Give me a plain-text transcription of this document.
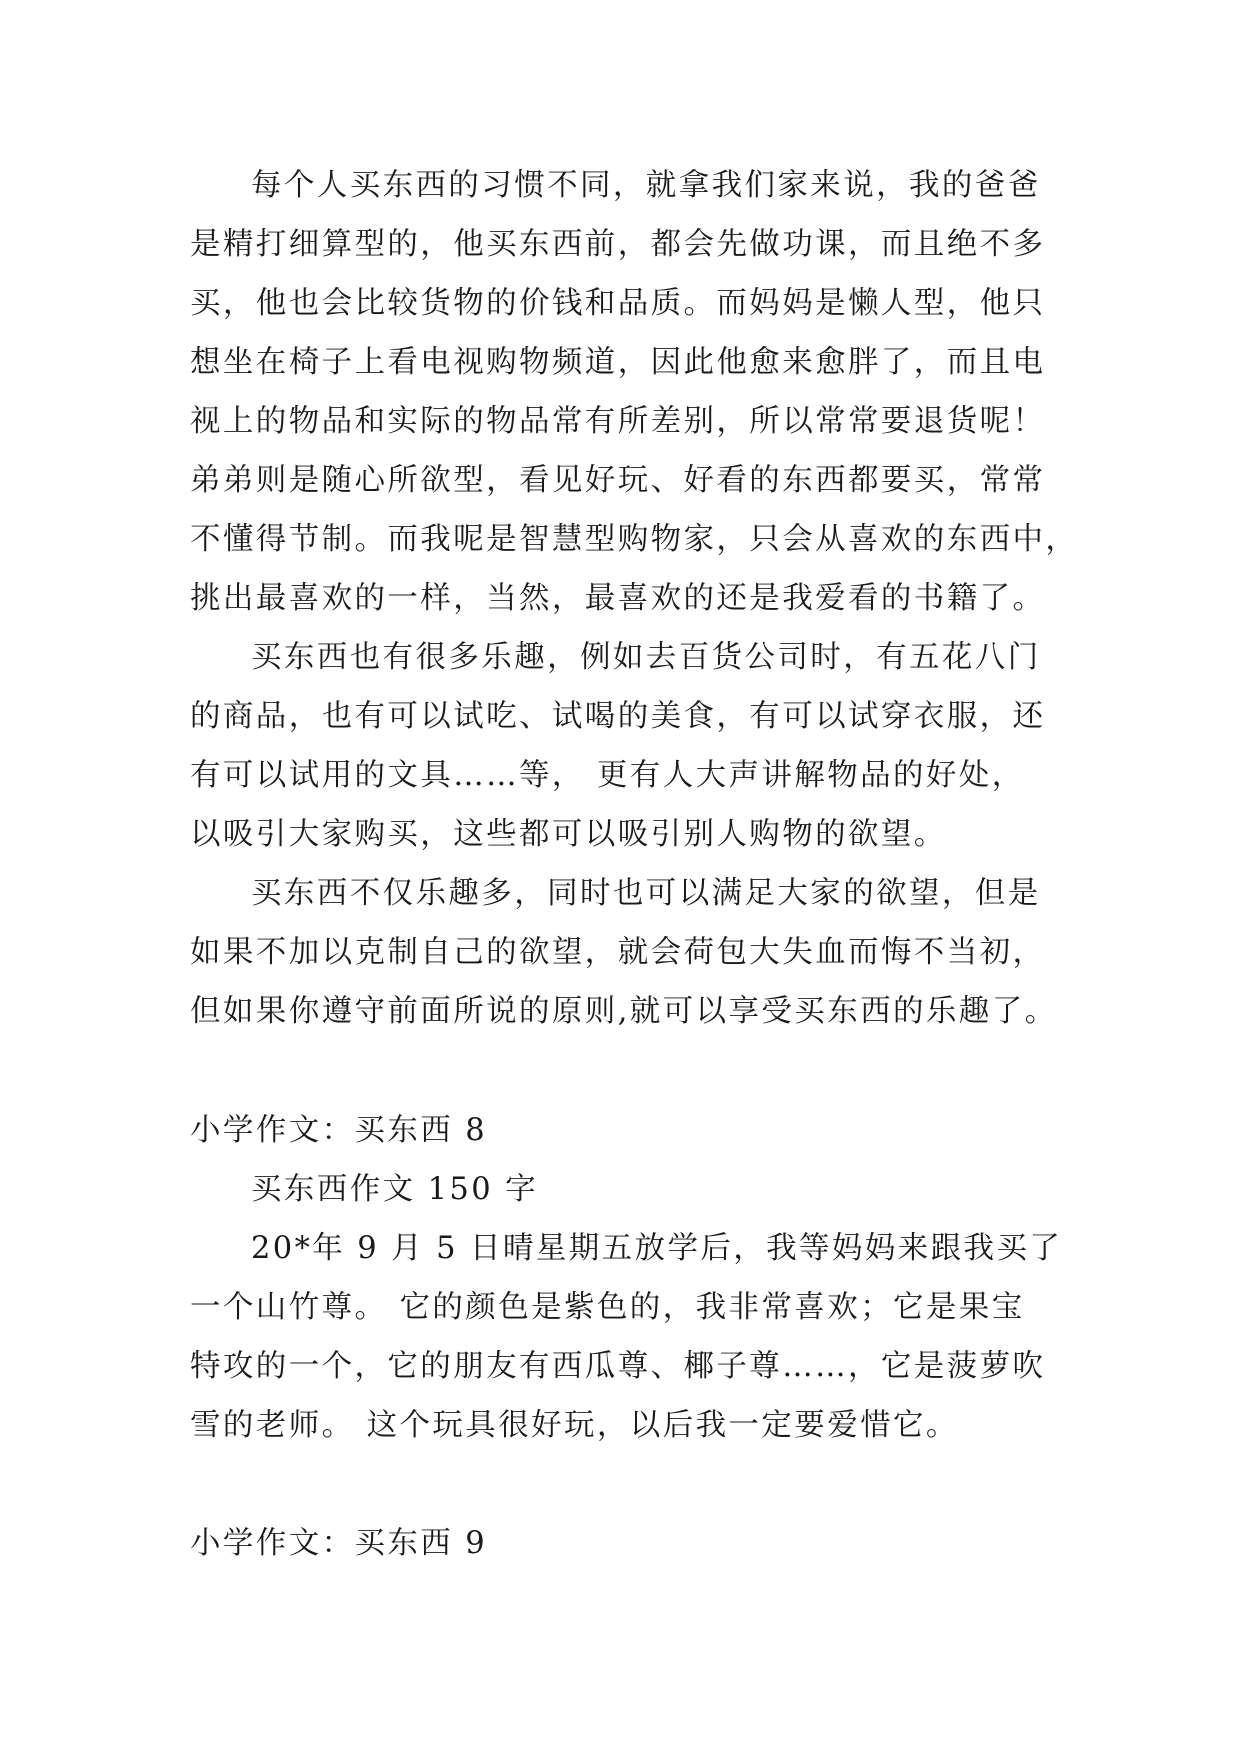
每个人买东西的习惯不同，就拿我们家来说，我的爸爸
是精打细算型的，他买东西前，都会先做功课，而且绝不多
买，他也会比较货物的价钱和品质。而妈妈是懒人型，他只
想坐在椅子上看电视购物频道，因此他愈来愈胖了，而且电
视上的物品和实际的物品常有所差别，所以常常要退货呢！
弟弟则是随心所欲型，看见好玩、好看的东西都要买，常常
不懂得节制。而我呢是智慧型购物家，只会从喜欢的东西中，
挑出最喜欢的一样，当然，最喜欢的还是我爱看的书籍了。
买东西也有很多乐趣，例如去百货公司时，有五花八门
的商品，也有可以试吃、试喝的美食，有可以试穿衣服，还
有可以试用的文具……等， 更有人大声讲解物品的好处，
以吸引大家购买，这些都可以吸引别人购物的欲望。
买东西不仅乐趣多，同时也可以满足大家的欲望，但是
如果不加以克制自己的欲望，就会荷包大失血而悔不当初，
但如果你遵守前面所说的原则,就可以享受买东西的乐趣了。
小学作文：买东西 8
买东西作文 150 字
20*年 9 月 5 日晴星期五放学后，我等妈妈来跟我买了
一个山竹尊。 它的颜色是紫色的，我非常喜欢；它是果宝
特攻的一个，它的朋友有西瓜尊、椰子尊……，它是菠萝吹
雪的老师。 这个玩具很好玩，以后我一定要爱惜它。
小学作文：买东西 9
